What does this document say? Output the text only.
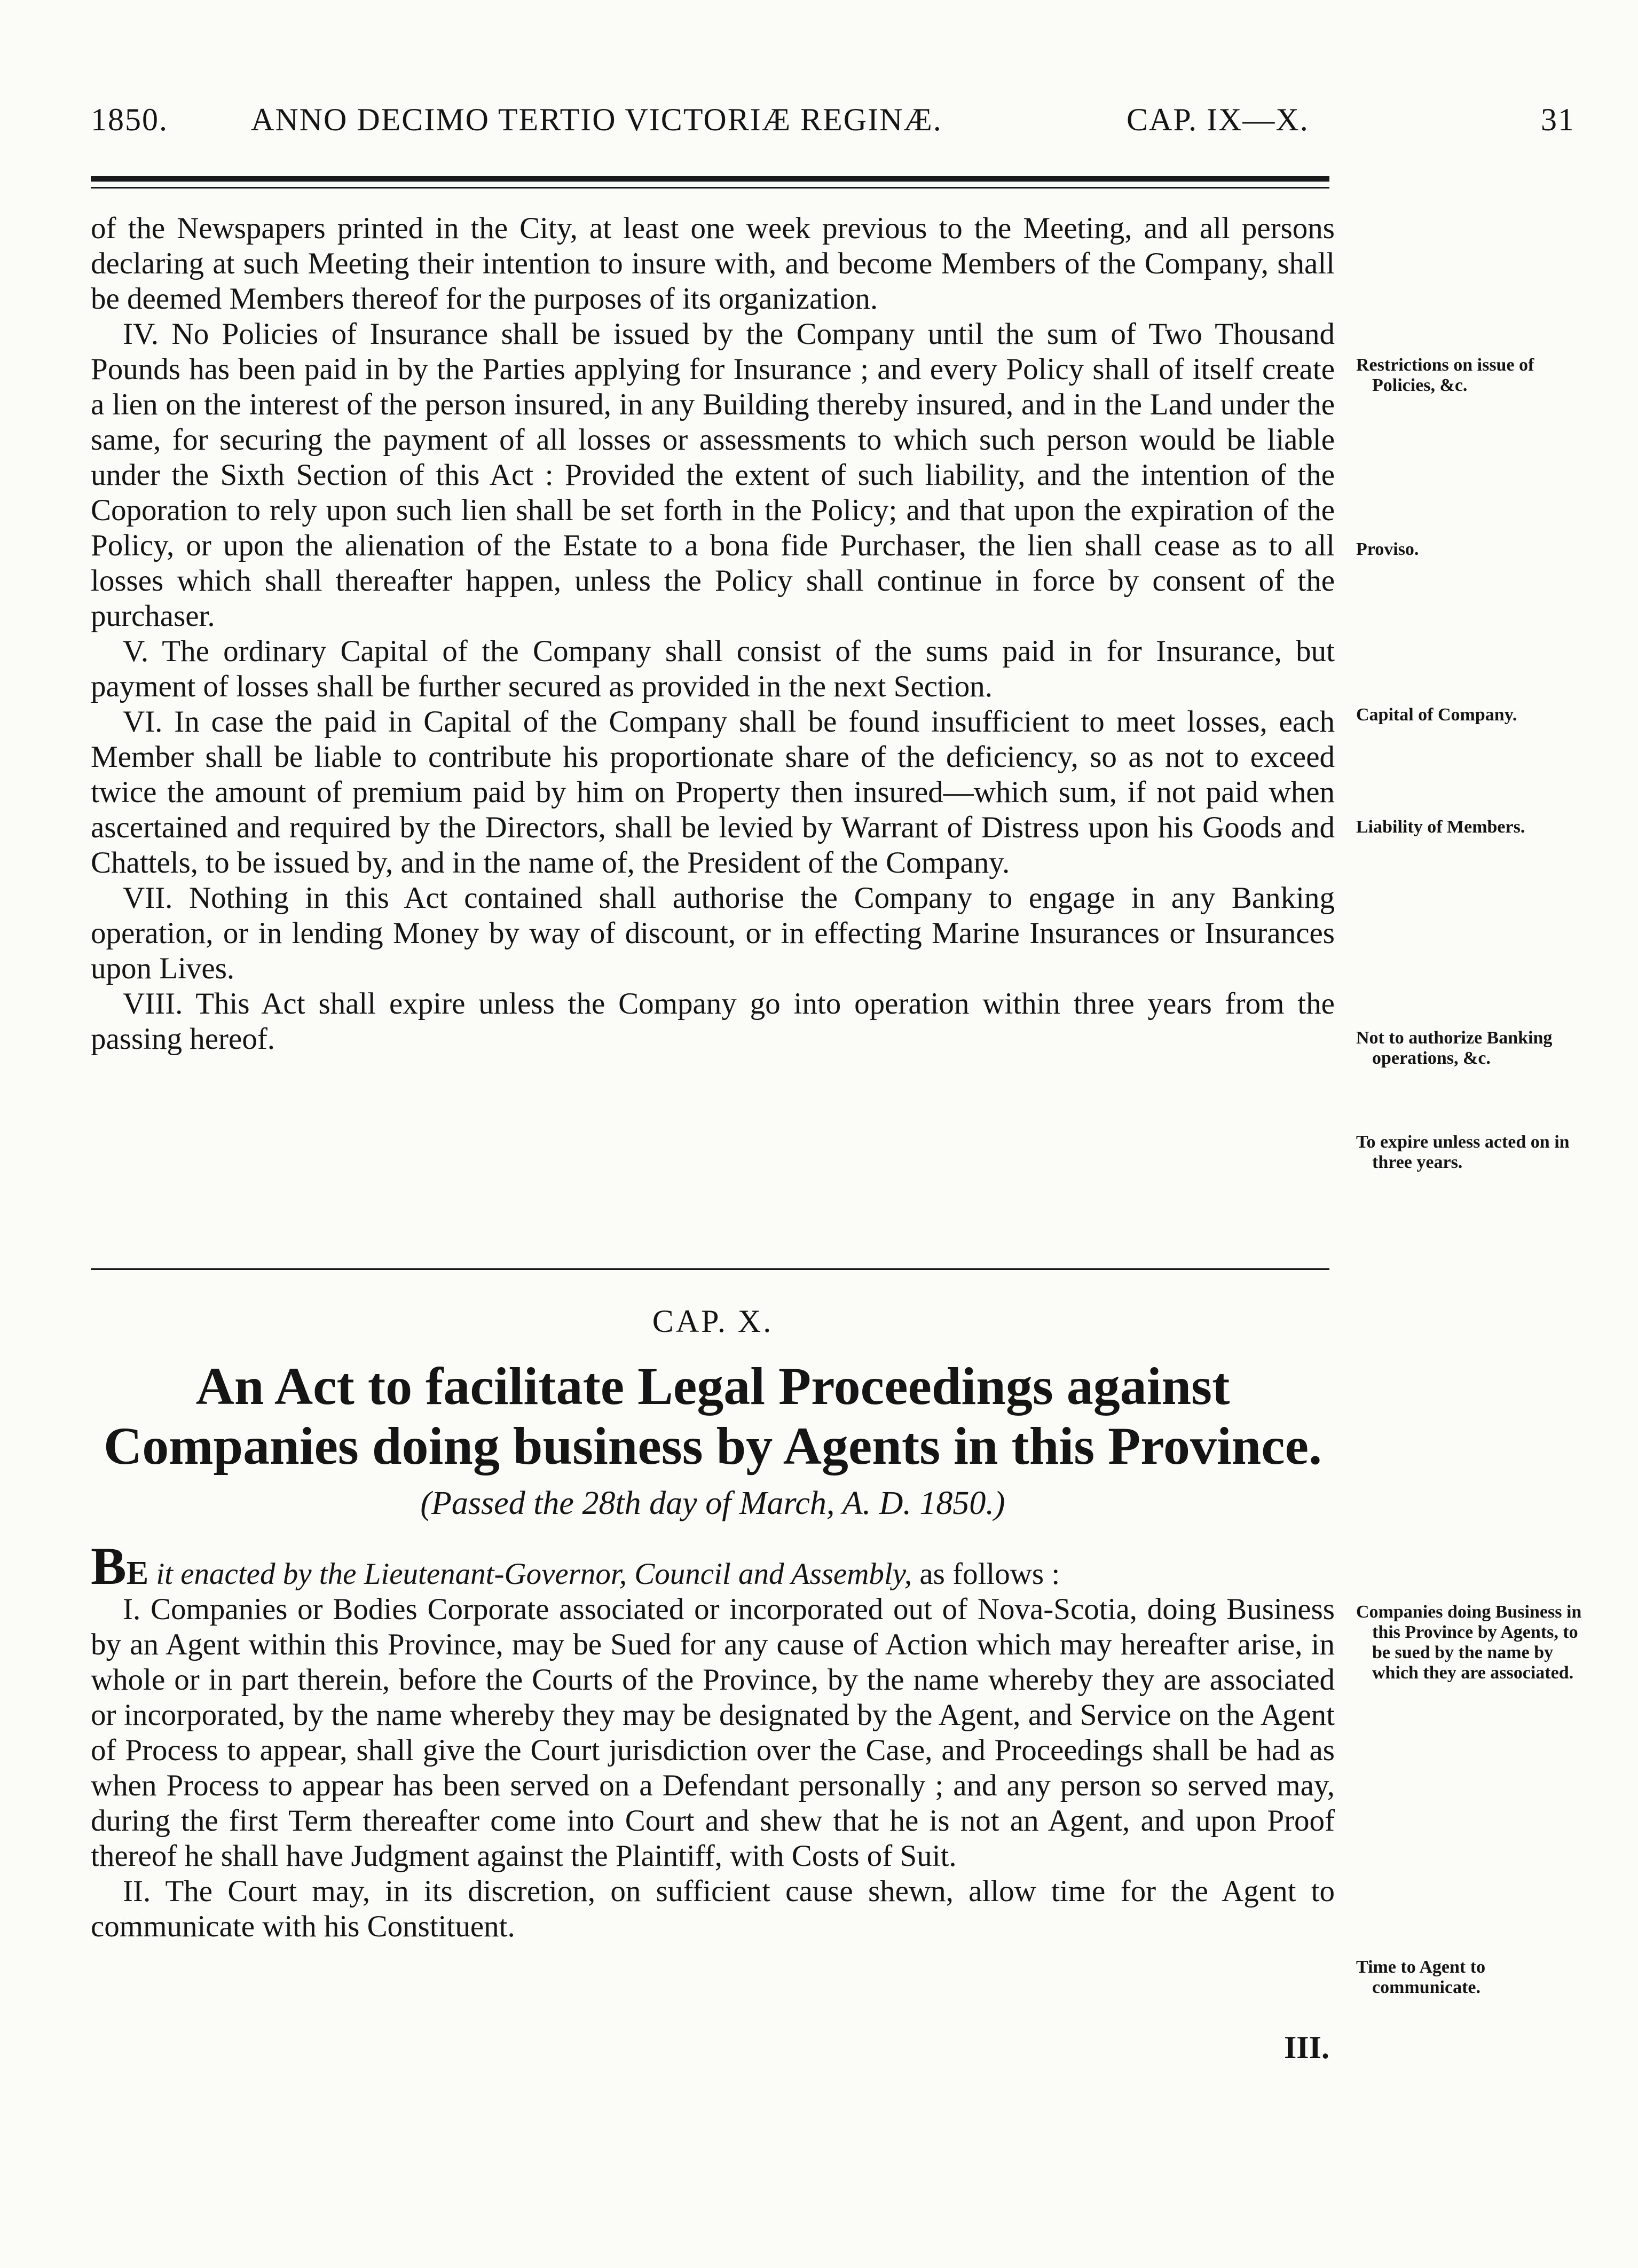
1850.	ANNO DECIMO TERTIO VICTORIÆ REGINÆ.	CAP. IX—X.	31

of the Newspapers printed in the City, at least one week previous to the Meeting, and all persons declaring at such Meeting their intention to insure with, and become Members of the Company, shall be deemed Members thereof for the purposes of its organization.

IV. No Policies of Insurance shall be issued by the Company until the sum of Two Thousand Pounds has been paid in by the Parties applying for Insurance ; and every Policy shall of itself create a lien on the interest of the person insured, in any Building thereby insured, and in the Land under the same, for securing the payment of all losses or assessments to which such person would be liable under the Sixth Section of this Act : Provided the extent of such liability, and the intention of the Coporation to rely upon such lien shall be set forth in the Policy; and that upon the expiration of the Policy, or upon the alienation of the Estate to a bona fide Purchaser, the lien shall cease as to all losses which shall thereafter happen, unless the Policy shall continue in force by consent of the purchaser.

V. The ordinary Capital of the Company shall consist of the sums paid in for Insurance, but payment of losses shall be further secured as provided in the next Section.

VI. In case the paid in Capital of the Company shall be found insufficient to meet losses, each Member shall be liable to contribute his proportionate share of the deficiency, so as not to exceed twice the amount of premium paid by him on Property then insured—which sum, if not paid when ascertained and required by the Directors, shall be levied by Warrant of Distress upon his Goods and Chattels, to be issued by, and in the name of, the President of the Company.

VII. Nothing in this Act contained shall authorise the Company to engage in any Banking operation, or in lending Money by way of discount, or in effecting Marine Insurances or Insurances upon Lives.

VIII. This Act shall expire unless the Company go into operation within three years from the passing hereof.

Restrictions on issue of Policies, &c.
Proviso.
Capital of Company.
Liability of Members.
Not to authorize Banking operations, &c.
To expire unless acted on in three years.
CAP. X.
An Act to facilitate Legal Proceedings against Companies doing business by Agents in this Province.
(Passed the 28th day of March, A. D. 1850.)

BE it enacted by the Lieutenant-Governor, Council and Assembly, as follows :

I. Companies or Bodies Corporate associated or incorporated out of Nova-Scotia, doing Business by an Agent within this Province, may be Sued for any cause of Action which may hereafter arise, in whole or in part therein, before the Courts of the Province, by the name whereby they are associated or incorporated, by the name whereby they may be designated by the Agent, and Service on the Agent of Process to appear, shall give the Court jurisdiction over the Case, and Proceedings shall be had as when Process to appear has been served on a Defendant personally ; and any person so served may, during the first Term thereafter come into Court and shew that he is not an Agent, and upon Proof thereof he shall have Judgment against the Plaintiff, with Costs of Suit.

II. The Court may, in its discretion, on sufficient cause shewn, allow time for the Agent to communicate with his Constituent.

Companies doing Business in this Province by Agents, to be sued by the name by which they are associated.
Time to Agent to communicate.
III.
